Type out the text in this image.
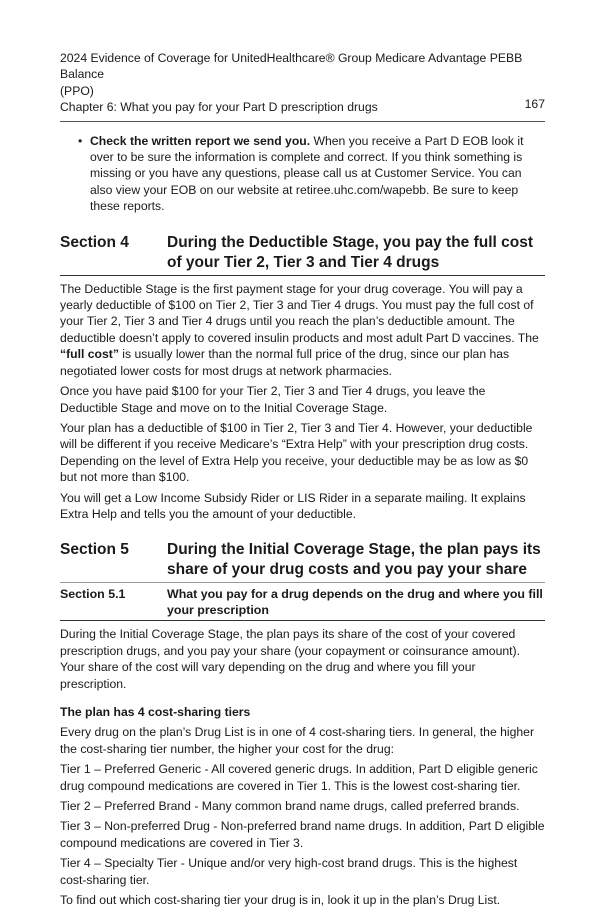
2024 Evidence of Coverage for UnitedHealthcare® Group Medicare Advantage PEBB Balance
(PPO)
Chapter 6: What you pay for your Part D prescription drugs	167
• Check the written report we send you. When you receive a Part D EOB look it over to be sure the information is complete and correct. If you think something is missing or you have any questions, please call us at Customer Service. You can also view your EOB on our website at retiree.uhc.com/wapebb. Be sure to keep these reports.
Section 4	During the Deductible Stage, you pay the full cost of your Tier 2, Tier 3 and Tier 4 drugs

The Deductible Stage is the first payment stage for your drug coverage. You will pay a yearly deductible of $100 on Tier 2, Tier 3 and Tier 4 drugs. You must pay the full cost of your Tier 2, Tier 3 and Tier 4 drugs until you reach the plan’s deductible amount. The deductible doesn’t apply to covered insulin products and most adult Part D vaccines. The “full cost” is usually lower than the normal full price of the drug, since our plan has negotiated lower costs for most drugs at network pharmacies.

Once you have paid $100 for your Tier 2, Tier 3 and Tier 4 drugs, you leave the Deductible Stage and move on to the Initial Coverage Stage.

Your plan has a deductible of $100 in Tier 2, Tier 3 and Tier 4. However, your deductible will be different if you receive Medicare’s “Extra Help” with your prescription drug costs. Depending on the level of Extra Help you receive, your deductible may be as low as $0 but not more than $100.

You will get a Low Income Subsidy Rider or LIS Rider in a separate mailing. It explains Extra Help and tells you the amount of your deductible.

Section 5	During the Initial Coverage Stage, the plan pays its share of your drug costs and you pay your share
Section 5.1	What you pay for a drug depends on the drug and where you fill your prescription

During the Initial Coverage Stage, the plan pays its share of the cost of your covered prescription drugs, and you pay your share (your copayment or coinsurance amount). Your share of the cost will vary depending on the drug and where you fill your prescription.

The plan has 4 cost-sharing tiers

Every drug on the plan’s Drug List is in one of 4 cost-sharing tiers. In general, the higher the cost-sharing tier number, the higher your cost for the drug:

Tier 1 – Preferred Generic - All covered generic drugs. In addition, Part D eligible generic drug compound medications are covered in Tier 1. This is the lowest cost-sharing tier.

Tier 2 – Preferred Brand - Many common brand name drugs, called preferred brands.

Tier 3 – Non-preferred Drug - Non-preferred brand name drugs. In addition, Part D eligible compound medications are covered in Tier 3.

Tier 4 – Specialty Tier - Unique and/or very high-cost brand drugs. This is the highest cost-sharing tier.

To find out which cost-sharing tier your drug is in, look it up in the plan’s Drug List.
